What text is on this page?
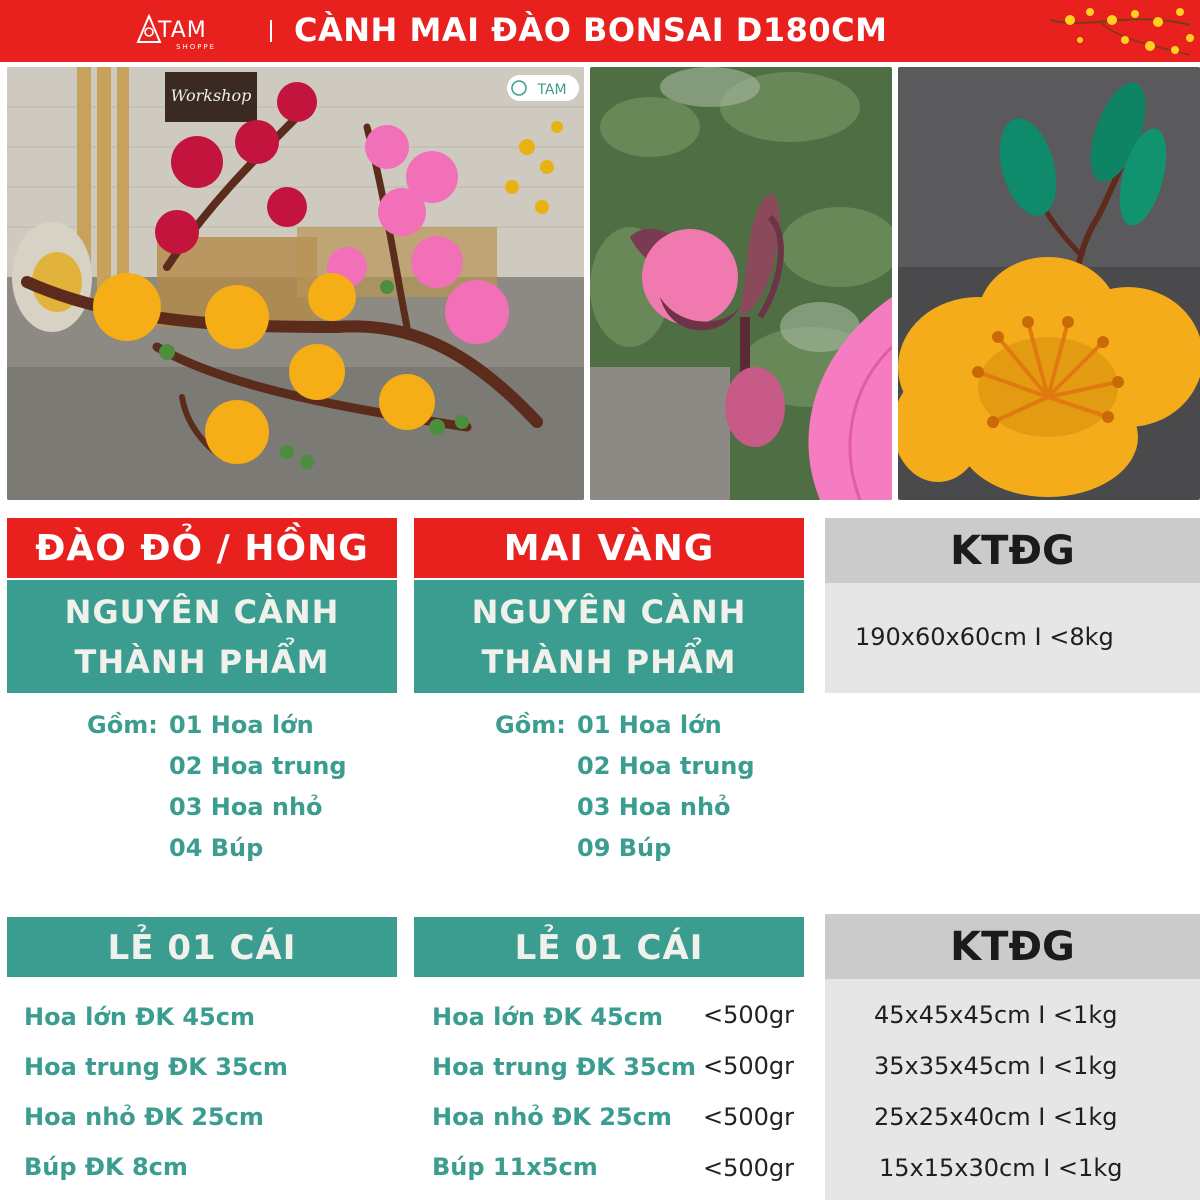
TAM
SHOPPE CÀNH MAI ĐÀO BONSAI D180CM
Workshop	TAM
ĐÀO ĐỎ / HỒNG
NGUYÊN CÀNH
THÀNH PHẨM
Gồm: 01 Hoa lớn
02 Hoa trung
03 Hoa nhỏ
04 Búp
LẺ 01 CÁI
Hoa lớn ĐK 45cm
Hoa trung ĐK 35cm
Hoa nhỏ ĐK 25cm
Búp ĐK 8cm
MAI VÀNG
NGUYÊN CÀNH
THÀNH PHẨM
Gồm: 01 Hoa lớn
02 Hoa trung
03 Hoa nhỏ
09 Búp
LẺ 01 CÁI
Hoa lớn ĐK 45cm
Hoa trung ĐK 35cm
Hoa nhỏ ĐK 25cm
Búp 11x5cm
<500gr
<500gr
<500gr
<500gr
KTĐG
190x60x60cm I <8kg
KTĐG
45x45x45cm I <1kg
35x35x45cm I <1kg
25x25x40cm I <1kg
15x15x30cm I <1kg
